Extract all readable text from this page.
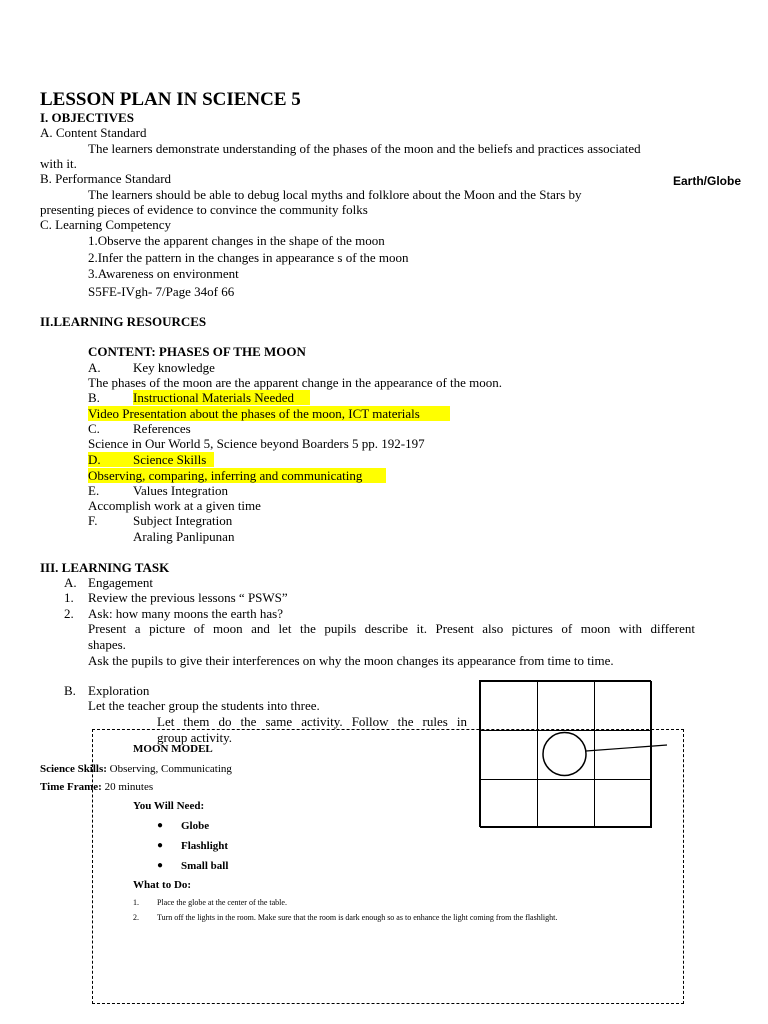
LESSON PLAN IN SCIENCE 5
I. OBJECTIVES
A. Content Standard
The learners demonstrate understanding of the phases of the moon and the beliefs and practices associated
with it.
B. Performance Standard	Earth/Globe
The learners should be able to debug local myths and folklore about the Moon and the Stars by
presenting pieces of evidence to convince the community folks
C. Learning Competency
1.Observe the apparent changes in the shape of the moon
2.Infer the pattern in the changes in appearance s of the moon
3.Awareness on environment
S5FE-IVgh- 7/Page 34of 66
II.LEARNING RESOURCES
CONTENT: PHASES OF THE MOON
A. Key knowledge
The phases of the moon are the apparent change in the appearance of the moon.
B.	Instructional Materials Needed
Video Presentation about the phases of the moon, ICT materials
C.	References
Science in Our World 5, Science beyond Boarders 5 pp. 192-197
D.	Science Skills
Observing, comparing, inferring and communicating
E.	Values Integration
Accomplish work at a given time
F.	Subject Integration
Araling Panlipunan
III. LEARNING TASK
A. Engagement
1. Review the previous lessons “ PSWS”
2. Ask: how many moons the earth has?
Present a picture of moon and let the pupils describe it. Present also pictures of moon with different
shapes.
Ask the pupils to give their interferences on why the moon changes its appearance from time to time.
B. Exploration
Let the teacher group the students into three.
Let them do the same activity. Follow the rules in
group activity.
MOON MODEL
Science Skills: Observing, Communicating
Time Frame: 20 minutes
You Will Need:
● Globe
● Flashlight
● Small ball
What to Do:
1. Place the globe at the center of the table.
2. Turn off the lights in the room. Make sure that the room is dark enough so as to enhance the light coming from the flashlight.
